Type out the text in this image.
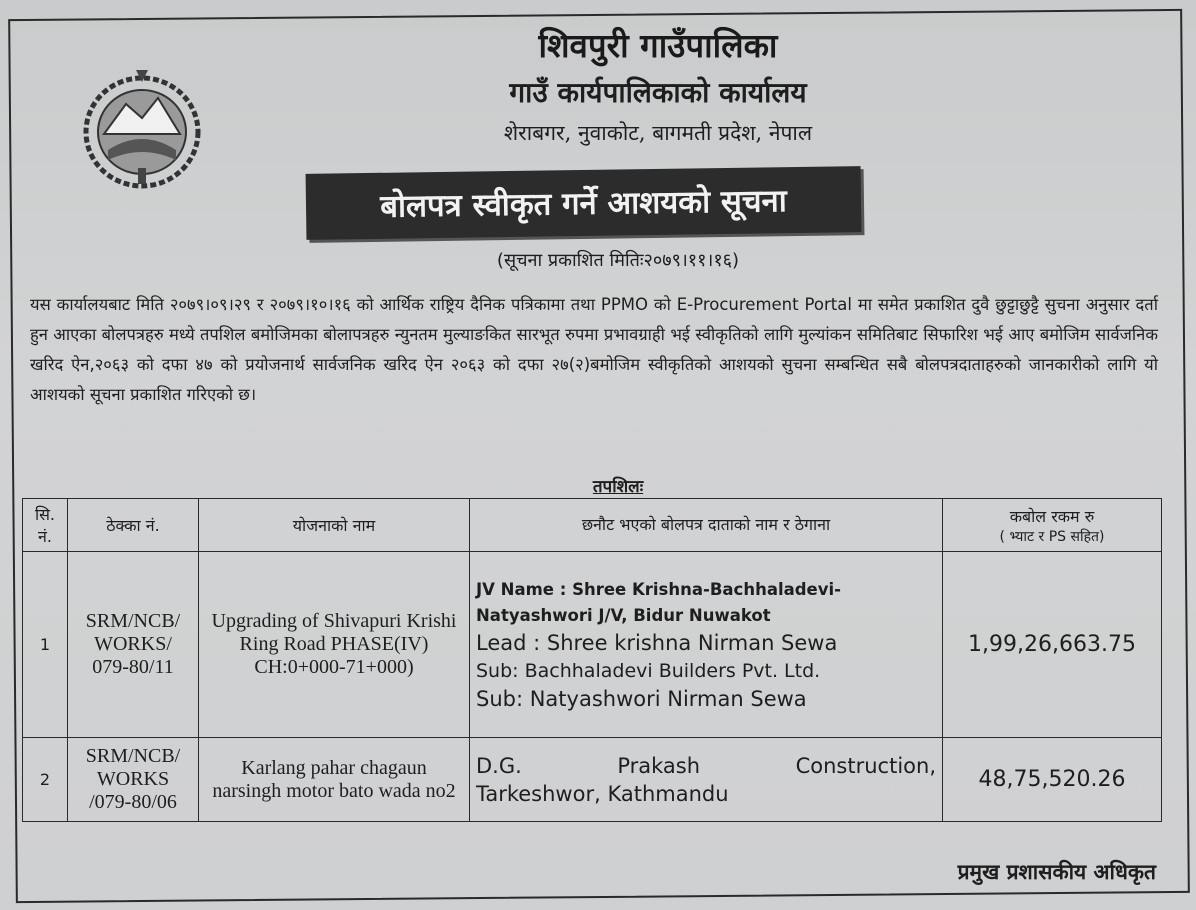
शिवपुरी गाउँपालिका
गाउँ कार्यपालिकाको कार्यालय
शेराबगर, नुवाकोट, बागमती प्रदेश, नेपाल
बोलपत्र स्वीकृत गर्ने आशयको सूचना
(सूचना प्रकाशित मितिः२०७९।११।१६)
यस कार्यालयबाट मिति २०७९।०९।२९ र २०७९।१०।१६ को आर्थिक राष्ट्रिय दैनिक पत्रिकामा तथा PPMO को E-Procurement Portal मा समेत प्रकाशित दुवै छुट्टाछुट्टै सुचना अनुसार दर्ता हुन आएका बोलपत्रहरु मध्ये तपशिल बमोजिमका बोलापत्रहरु न्युनतम मुल्याङकित सारभूत रुपमा प्रभावग्राही भई स्वीकृतिको लागि मुल्यांकन समितिबाट सिफारिश भई आए बमोजिम सार्वजनिक खरिद ऐन,२०६३ को दफा ४७ को प्रयोजनार्थ सार्वजनिक खरिद ऐन २०६३ को दफा २७(२)बमोजिम स्वीकृतिको आशयको सुचना सम्बन्धित सबै बोलपत्रदाताहरुको जानकारीको लागि यो आशयको सूचना प्रकाशित गरिएको छ।
तपशिलः
सि. नं.	ठेक्का नं.	योजनाको नाम	छनौट भएको बोलपत्र दाताको नाम र ठेगाना	कबोल रकम रु
( भ्याट र PS सहित)

1	SRM/NCB/ WORKS/ 079-80/11	Upgrading of Shivapuri Krishi Ring Road PHASE(IV) CH:0+000-71+000)	JV Name : Shree Krishna-Bachhaladevi-Natyashwori J/V, Bidur Nuwakot
Lead : Shree krishna Nirman Sewa
Sub: Bachhaladevi Builders Pvt. Ltd.
Sub: Natyashwori Nirman Sewa	1,99,26,663.75
2	SRM/NCB/ WORKS /079-80/06	Karlang pahar chagaun narsingh motor bato wada no2	D.G. Prakash Construction,
Tarkeshwor, Kathmandu	48,75,520.26
प्रमुख प्रशासकीय अधिकृत
